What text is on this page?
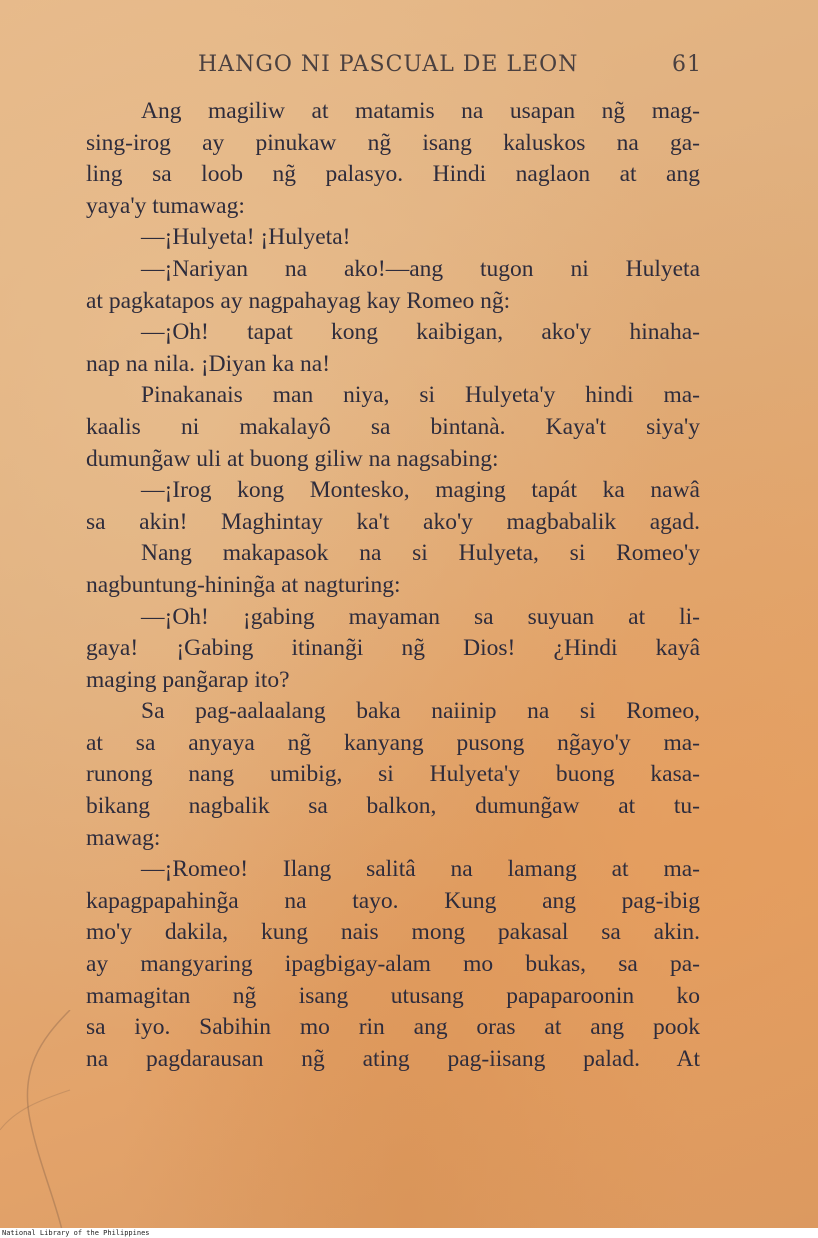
HANGO NI PASCUAL DE LEON	61
Ang magiliw at matamis na usapan ng̃ mag-
sing-irog ay pinukaw ng̃ isang kaluskos na ga-
ling sa loob ng̃ palasyo. Hindi naglaon at ang
yaya'y tumawag:
—¡Hulyeta! ¡Hulyeta!
—¡Nariyan na ako!—ang tugon ni Hulyeta
at pagkatapos ay nagpahayag kay Romeo ng̃:
—¡Oh! tapat kong kaibigan, ako'y hinaha-
nap na nila. ¡Diyan ka na!
Pinakanais man niya, si Hulyeta'y hindi ma-
kaalis ni makalayô sa bintanà. Kaya't siya'y
dumung̃aw uli at buong giliw na nagsabing:
—¡Irog kong Montesko, maging tapát ka nawâ
sa akin! Maghintay ka't ako'y magbabalik agad.
Nang makapasok na si Hulyeta, si Romeo'y
nagbuntung-hining̃a at nagturing:
—¡Oh! ¡gabing mayaman sa suyuan at li-
gaya! ¡Gabing itinang̃i ng̃ Dios! ¿Hindi kayâ
maging pang̃arap ito?
Sa pag-aalaalang baka naiinip na si Romeo,
at sa anyaya ng̃ kanyang pusong ng̃ayo'y ma-
runong nang umibig, si Hulyeta'y buong kasa-
bikang nagbalik sa balkon, dumung̃aw at tu-
mawag:
—¡Romeo! Ilang salitâ na lamang at ma-
kapagpapahing̃a na tayo. Kung ang pag-ibig
mo'y dakila, kung nais mong pakasal sa akin.
ay mangyaring ipagbigay-alam mo bukas, sa pa-
mamagitan ng̃ isang utusang papaparoonin ko
sa iyo. Sabihin mo rin ang oras at ang pook
na pagdarausan ng̃ ating pag-iisang palad. At
National Library of the Philippines
